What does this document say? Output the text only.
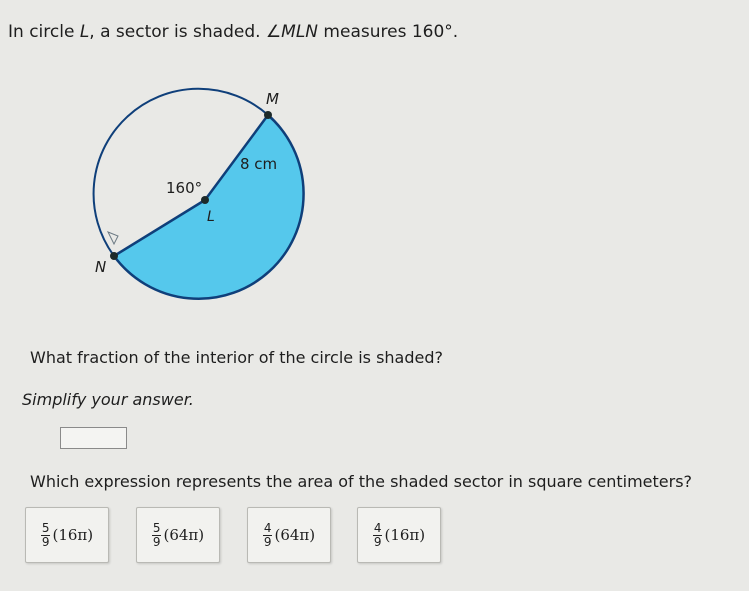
In circle L, a sector is shaded. ∠MLN measures 160°.
M
N
L
8 cm
160°
What fraction of the interior of the circle is shaded?
Simplify your answer.
Which expression represents the area of the shaded sector in square centimeters?
$\frac{5}{9} (16\pi)$	$\frac{5}{9} (64\pi)$	$\frac{4}{9} (64\pi)$	$\frac{4}{9} (16\pi)$
